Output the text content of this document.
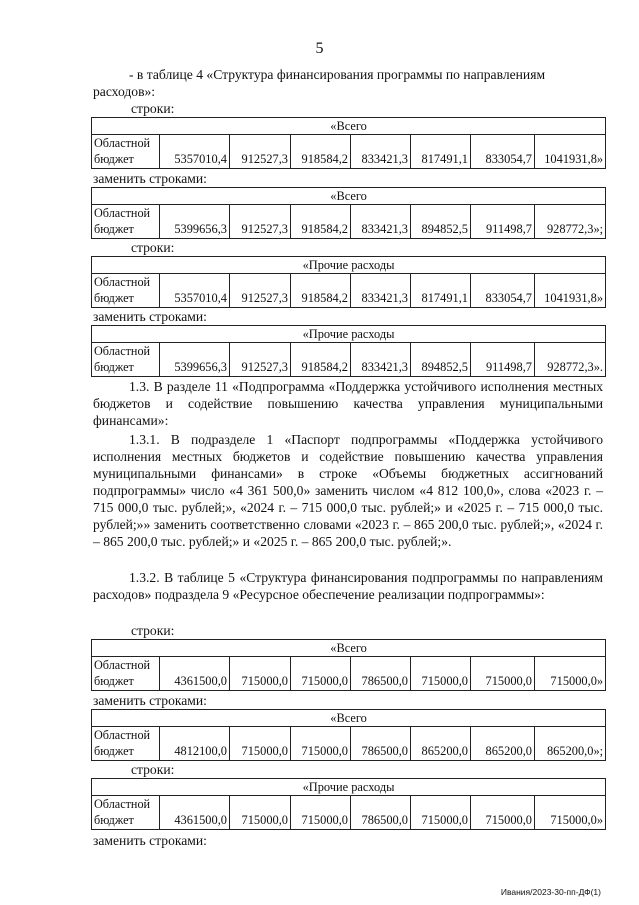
5

- в таблице 4 «Структура финансирования программы по направлениям расходов»:

строки:
«Всего
Областной бюджет	5357010,4	912527,3	918584,2	833421,3	817491,1	833054,7	1041931,8»
заменить строками:
«Всего
Областной бюджет	5399656,3	912527,3	918584,2	833421,3	894852,5	911498,7	928772,3»;
строки:
«Прочие расходы
Областной бюджет	5357010,4	912527,3	918584,2	833421,3	817491,1	833054,7	1041931,8»
заменить строками:
«Прочие расходы
Областной бюджет	5399656,3	912527,3	918584,2	833421,3	894852,5	911498,7	928772,3».

1.3. В разделе 11 «Подпрограмма «Поддержка устойчивого исполнения местных бюджетов и содействие повышению качества управления муниципальными финансами»:

1.3.1. В подразделе 1 «Паспорт подпрограммы «Поддержка устойчивого исполнения местных бюджетов и содействие повышению качества управления муниципальными финансами» в строке «Объемы бюджетных ассигнований подпрограммы» число «4 361 500,0» заменить числом «4 812 100,0», слова «2023 г. – 715 000,0 тыс. рублей;», «2024 г. – 715 000,0 тыс. рублей;» и «2025 г. – 715 000,0 тыс. рублей;»» заменить соответственно словами «2023 г. – 865 200,0 тыс. рублей;», «2024 г. – 865 200,0 тыс. рублей;» и «2025 г. – 865 200,0 тыс. рублей;».

1.3.2. В таблице 5 «Структура финансирования подпрограммы по направлениям расходов» подраздела 9 «Ресурсное обеспечение реализации подпрограммы»:

строки:
«Всего
Областной бюджет	4361500,0	715000,0	715000,0	786500,0	715000,0	715000,0	715000,0»
заменить строками:
«Всего
Областной бюджет	4812100,0	715000,0	715000,0	786500,0	865200,0	865200,0	865200,0»;
строки:
«Прочие расходы
Областной бюджет	4361500,0	715000,0	715000,0	786500,0	715000,0	715000,0	715000,0»
заменить строками:
Ивания/2023-30-пп-ДФ(1)
